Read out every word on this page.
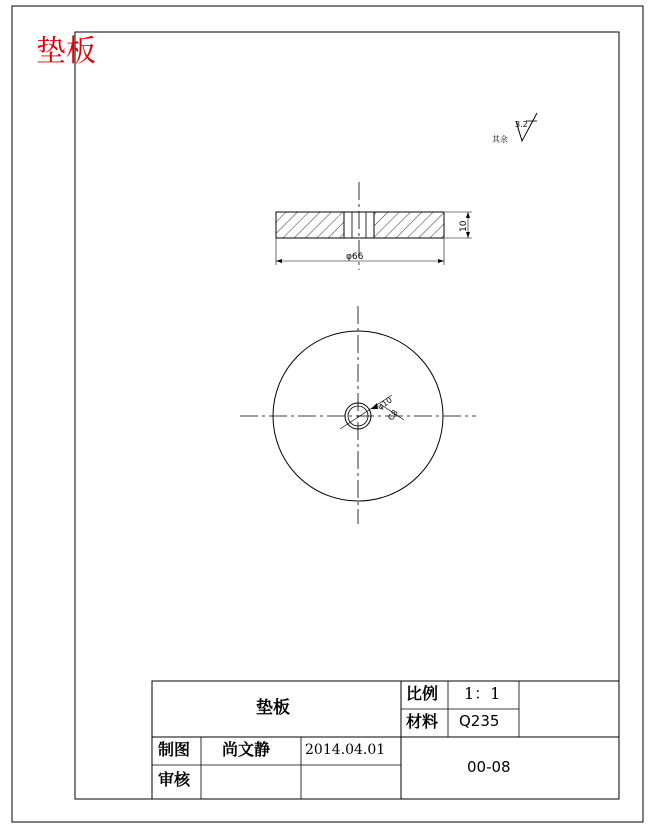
3.2
其余
10
φ66
φ10
C8
垫板
垫板
比例 1：1
材料 Q235
制图 尚文静 2014.04.01
审核
00-08
